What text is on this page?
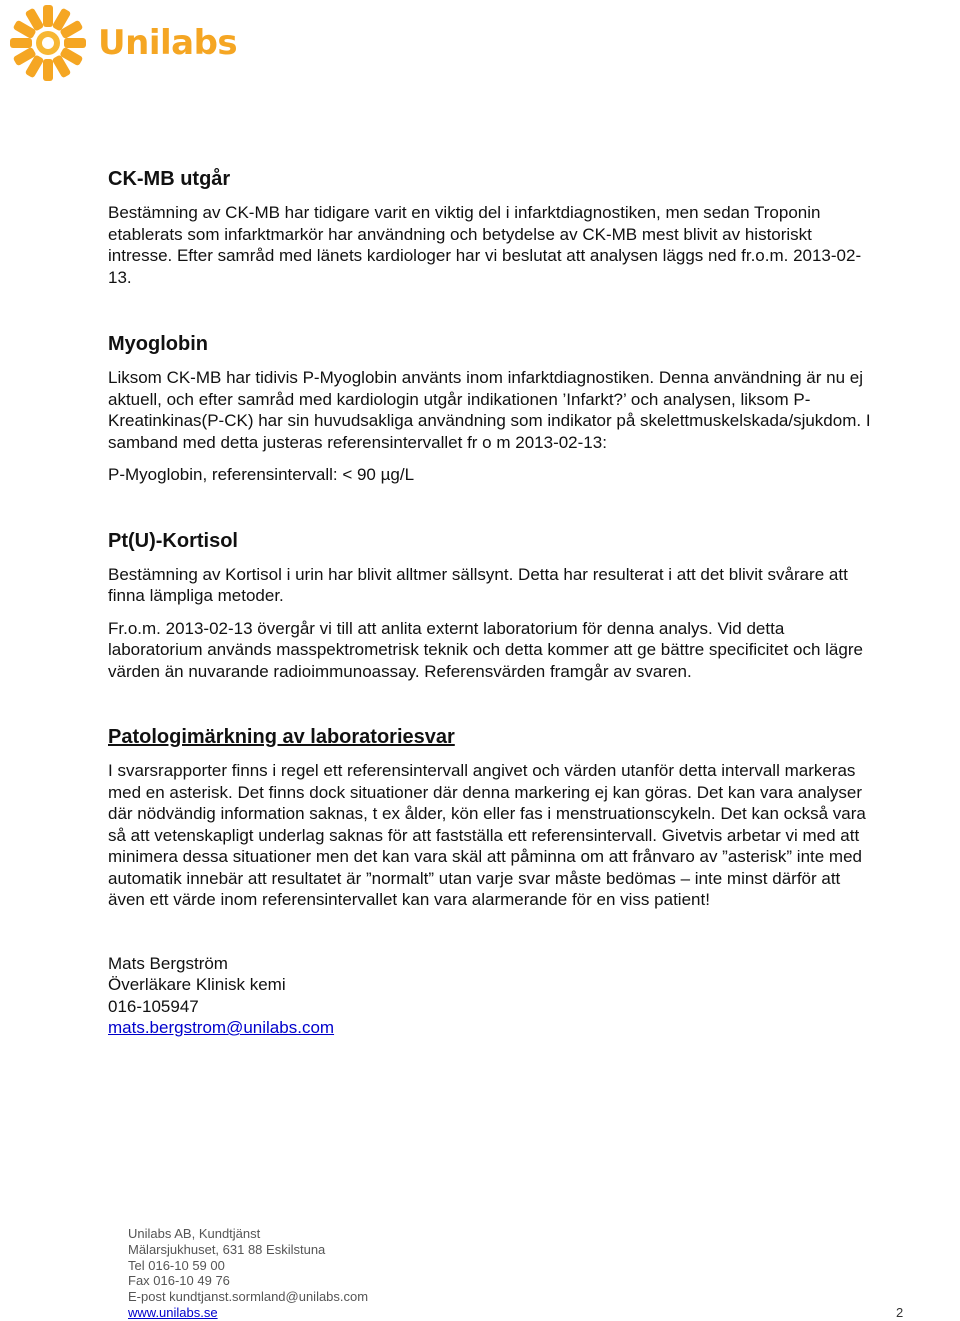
Unilabs
CK-MB utgår

Bestämning av CK-MB har tidigare varit en viktig del i infarktdiagnostiken, men sedan Troponin etablerats som infarktmarkör har användning och betydelse av CK-MB mest blivit av historiskt intresse. Efter samråd med länets kardiologer har vi beslutat att analysen läggs ned fr.o.m. 2013-02-13.

Myoglobin

Liksom CK-MB har tidivis P-Myoglobin använts inom infarktdiagnostiken. Denna användning är nu ej aktuell, och efter samråd med kardiologin utgår indikationen ’Infarkt?’ och analysen, liksom P-Kreatinkinas(P-CK) har sin huvudsakliga användning som indikator på skelettmuskelskada/sjukdom. I samband med detta justeras referensintervallet fr o m 2013-02-13:

P-Myoglobin, referensintervall: < 90 µg/L

Pt(U)-Kortisol

Bestämning av Kortisol i urin har blivit alltmer sällsynt. Detta har resulterat i att det blivit svårare att finna lämpliga metoder.

Fr.o.m. 2013-02-13 övergår vi till att anlita externt laboratorium för denna analys. Vid detta laboratorium används masspektrometrisk teknik och detta kommer att ge bättre specificitet och lägre värden än nuvarande radioimmunoassay. Referensvärden framgår av svaren.

Patologimärkning av laboratoriesvar

I svarsrapporter finns i regel ett referensintervall angivet och värden utanför detta intervall markeras med en asterisk. Det finns dock situationer där denna markering ej kan göras. Det kan vara analyser där nödvändig information saknas, t ex ålder, kön eller fas i menstruationscykeln. Det kan också vara så att vetenskapligt underlag saknas för att fastställa ett referensintervall. Givetvis arbetar vi med att minimera dessa situationer men det kan vara skäl att påminna om att frånvaro av ”asterisk” inte med automatik innebär att resultatet är ”normalt” utan varje svar måste bedömas – inte minst därför att även ett värde inom referensintervallet kan vara alarmerande för en viss patient!

Mats Bergström
Överläkare Klinisk kemi
016-105947
mats.bergstrom@unilabs.com
Unilabs AB, Kundtjänst
Mälarsjukhuset, 631 88 Eskilstuna
Tel 016-10 59 00
Fax 016-10 49 76
E-post kundtjanst.sormland@unilabs.com
www.unilabs.se	2
